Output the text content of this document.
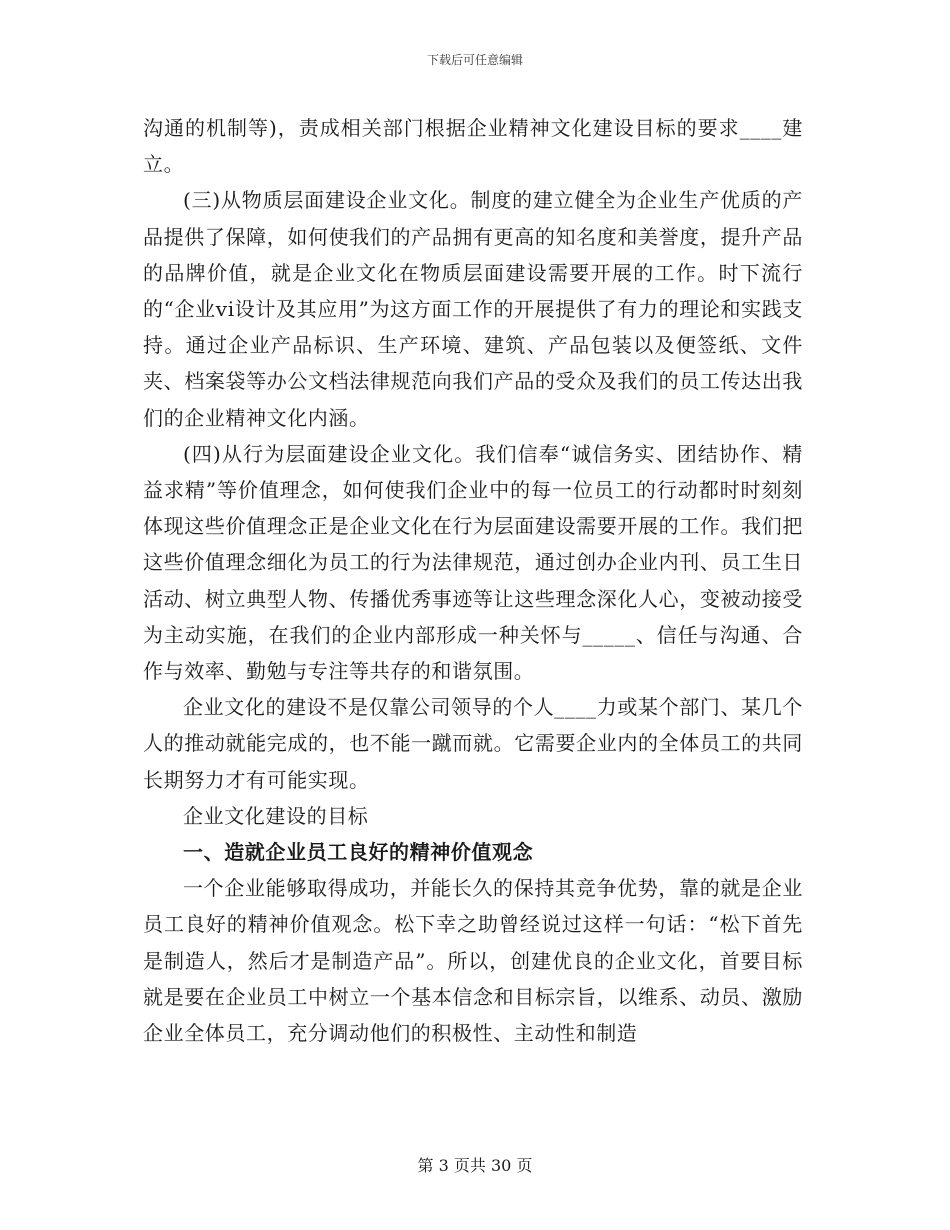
下载后可任意编辑

沟通的机制等)，责成相关部门根据企业精神文化建设目标的要求____建立。

(三)从物质层面建设企业文化。制度的建立健全为企业生产优质的产品提供了保障，如何使我们的产品拥有更高的知名度和美誉度，提升产品的品牌价值，就是企业文化在物质层面建设需要开展的工作。时下流行的“企业vi设计及其应用”为这方面工作的开展提供了有力的理论和实践支持。通过企业产品标识、生产环境、建筑、产品包装以及便签纸、文件夹、档案袋等办公文档法律规范向我们产品的受众及我们的员工传达出我们的企业精神文化内涵。

(四)从行为层面建设企业文化。我们信奉“诚信务实、团结协作、精益求精”等价值理念，如何使我们企业中的每一位员工的行动都时时刻刻体现这些价值理念正是企业文化在行为层面建设需要开展的工作。我们把这些价值理念细化为员工的行为法律规范，通过创办企业内刊、员工生日活动、树立典型人物、传播优秀事迹等让这些理念深化人心，变被动接受为主动实施，在我们的企业内部形成一种关怀与_____、信任与沟通、合作与效率、勤勉与专注等共存的和谐氛围。

企业文化的建设不是仅靠公司领导的个人____力或某个部门、某几个人的推动就能完成的，也不能一蹴而就。它需要企业内的全体员工的共同长期努力才有可能实现。

企业文化建设的目标

一、造就企业员工良好的精神价值观念

一个企业能够取得成功，并能长久的保持其竞争优势，靠的就是企业员工良好的精神价值观念。松下幸之助曾经说过这样一句话：“松下首先是制造人，然后才是制造产品”。所以，创建优良的企业文化，首要目标就是要在企业员工中树立一个基本信念和目标宗旨，以维系、动员、激励企业全体员工，充分调动他们的积极性、主动性和制造

第 3 页共 30 页
